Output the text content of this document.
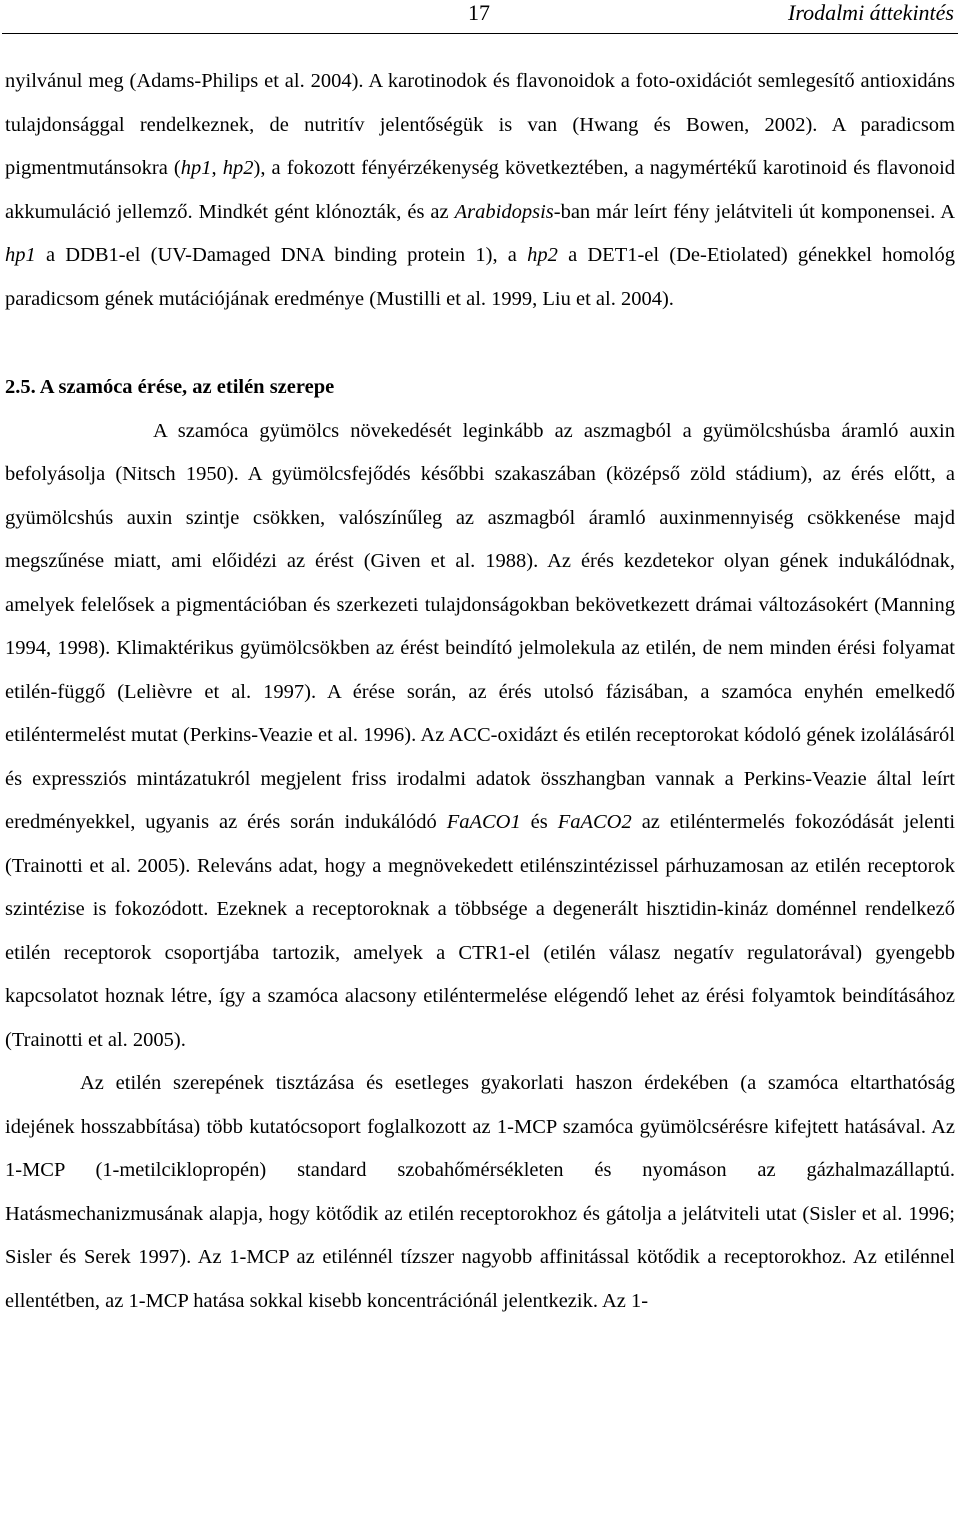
17	Irodalmi áttekintés

nyilvánul meg (Adams-Philips et al. 2004). A karotinodok és flavonoidok a foto-oxidációt semlegesítő antioxidáns tulajdonsággal rendelkeznek, de nutritív jelentőségük is van (Hwang és Bowen, 2002). A paradicsom pigmentmutánsokra (hp1, hp2), a fokozott fényérzékenység következtében, a nagymértékű karotinoid és flavonoid akkumuláció jellemző. Mindkét gént klónozták, és az Arabidopsis-ban már leírt fény jelátviteli út komponensei. A hp1 a DDB1-el (UV-Damaged DNA binding protein 1), a hp2 a DET1-el (De-Etiolated) génekkel homológ paradicsom gének mutációjának eredménye (Mustilli et al. 1999, Liu et al. 2004).

2.5. A szamóca érése, az etilén szerepe

A szamóca gyümölcs növekedését leginkább az aszmagból a gyümölcshúsba áramló auxin befolyásolja (Nitsch 1950). A gyümölcsfejődés későbbi szakaszában (középső zöld stádium), az érés előtt, a gyümölcshús auxin szintje csökken, valószínűleg az aszmagból áramló auxinmennyiség csökkenése majd megszűnése miatt, ami előidézi az érést (Given et al. 1988). Az érés kezdetekor olyan gének indukálódnak, amelyek felelősek a pigmentációban és szerkezeti tulajdonságokban bekövetkezett drámai változásokért (Manning 1994, 1998). Klimaktérikus gyümölcsökben az érést beindító jelmolekula az etilén, de nem minden érési folyamat etilén-függő (Lelièvre et al. 1997). A érése során, az érés utolsó fázisában, a szamóca enyhén emelkedő etiléntermelést mutat (Perkins-Veazie et al. 1996). Az ACC-oxidázt és etilén receptorokat kódoló gének izolálásáról és expressziós mintázatukról megjelent friss irodalmi adatok összhangban vannak a Perkins-Veazie által leírt eredményekkel, ugyanis az érés során indukálódó FaACO1 és FaACO2 az etiléntermelés fokozódását jelenti (Trainotti et al. 2005). Releváns adat, hogy a megnövekedett etilénszintézissel párhuzamosan az etilén receptorok szintézise is fokozódott. Ezeknek a receptoroknak a többsége a degenerált hisztidin-kináz doménnel rendelkező etilén receptorok csoportjába tartozik, amelyek a CTR1-el (etilén válasz negatív regulatorával) gyengebb kapcsolatot hoznak létre, így a szamóca alacsony etiléntermelése elégendő lehet az érési folyamtok beindításához (Trainotti et al. 2005).

Az etilén szerepének tisztázása és esetleges gyakorlati haszon érdekében (a szamóca eltarthatóság idejének hosszabbítása) több kutatócsoport foglalkozott az 1-MCP szamóca gyümölcsérésre kifejtett hatásával. Az 1-MCP (1-metilciklopropén) standard szobahőmérsékleten és nyomáson az gázhalmazállaptú. Hatásmechanizmusának alapja, hogy kötődik az etilén receptorokhoz és gátolja a jelátviteli utat (Sisler et al. 1996; Sisler és Serek 1997). Az 1-MCP az etilénnél tízszer nagyobb affinitással kötődik a receptorokhoz. Az etilénnel ellentétben, az 1-MCP hatása sokkal kisebb koncentrációnál jelentkezik. Az 1-
